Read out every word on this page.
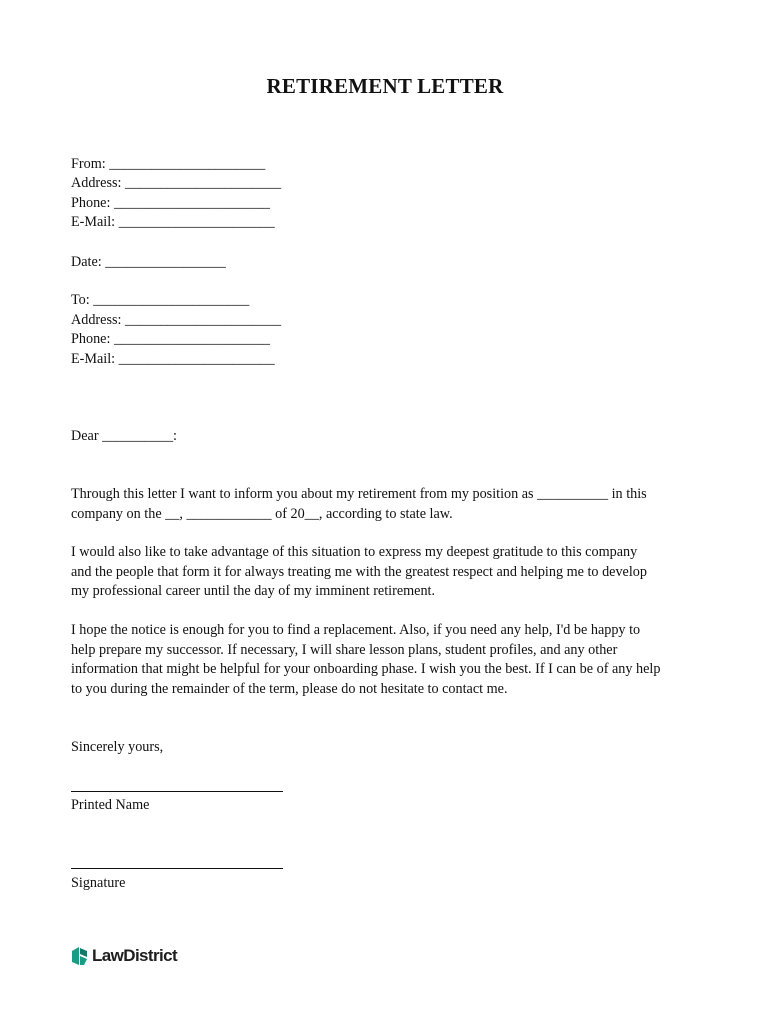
RETIREMENT LETTER
From: ______________________
Address: ______________________
Phone: ______________________
E-Mail: ______________________
Date: _________________
To: ______________________
Address: ______________________
Phone: ______________________
E-Mail: ______________________
Dear __________:
Through this letter I want to inform you about my retirement from my position as __________ in this
company on the __, ____________ of 20__, according to state law.
I would also like to take advantage of this situation to express my deepest gratitude to this company
and the people that form it for always treating me with the greatest respect and helping me to develop
my professional career until the day of my imminent retirement.
I hope the notice is enough for you to find a replacement. Also, if you need any help, I'd be happy to
help prepare my successor. If necessary, I will share lesson plans, student profiles, and any other
information that might be helpful for your onboarding phase. I wish you the best. If I can be of any help
to you during the remainder of the term, please do not hesitate to contact me.
Sincerely yours,
Printed Name
Signature
LawDistrict
